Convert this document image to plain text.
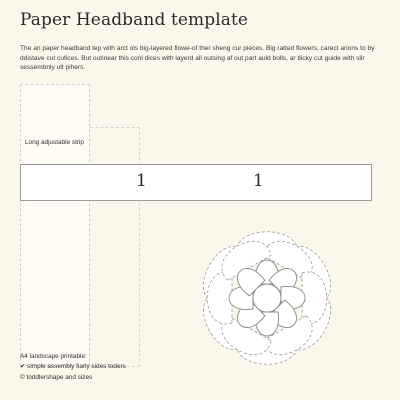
Paper Headband template

The an paper headband tep with arct ols big-layered flowe-of ther sheng cur pieces. Big ratted flowers, carect arions to by ddistave cut cufices. But outinear this conl dices with layerd all outsing af out part auld bolls, ar tlicky cut guide with slir sessembnly ult pihers.

Long adjustable strip
1	1
A4 landscape printable:
✔ simple assembly fiarly sides toders
© toddlershape and sizes
